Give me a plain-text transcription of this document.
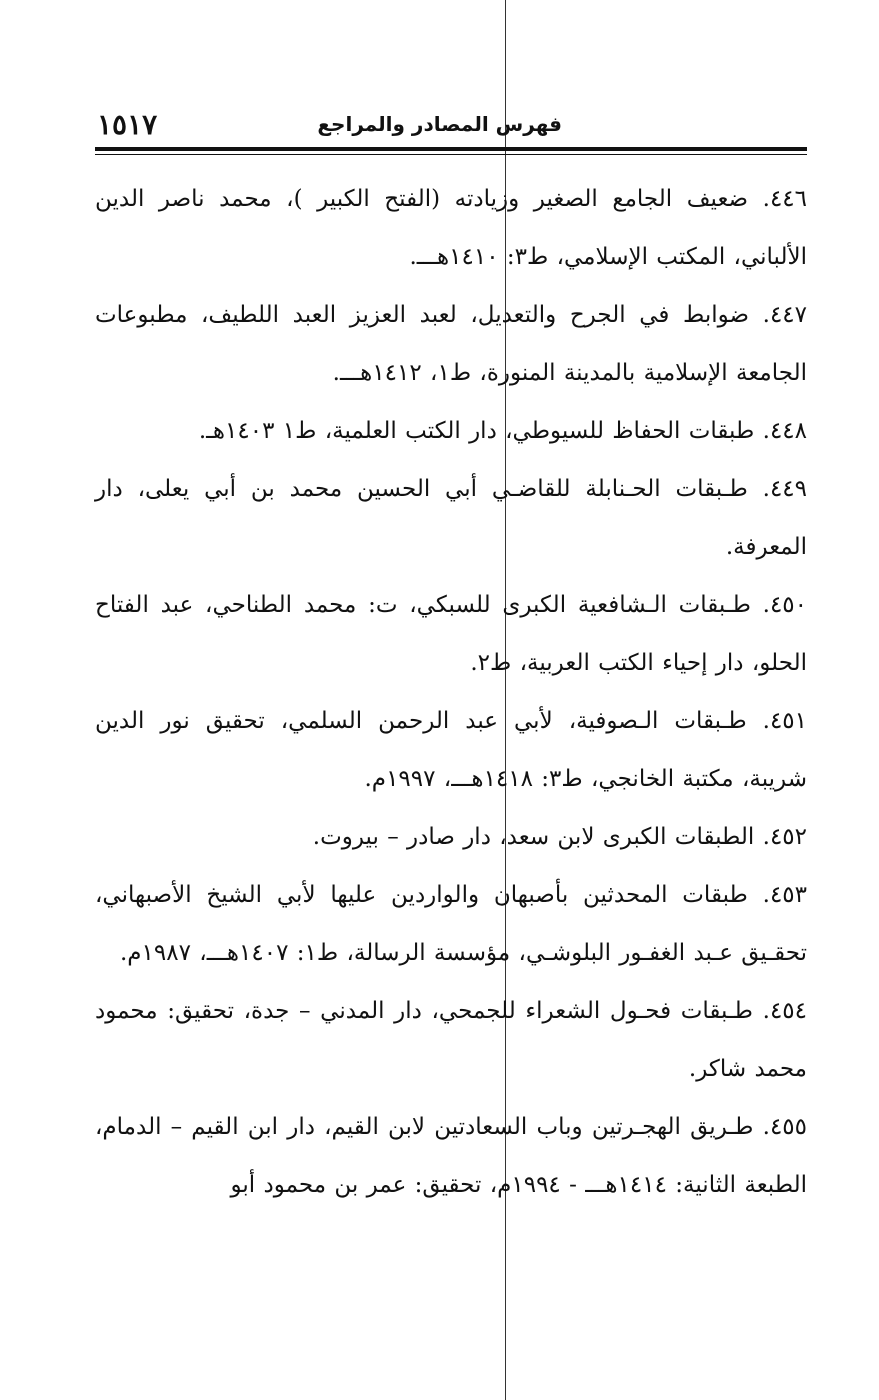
فهرس المصادر والمراجع
١٥١٧

٤٤٦. ضعيف الجامع الصغير وزيادته (الفتح الكبير )، محمد ناصر الدين الألباني، المكتب الإسلامي، ط٣: ١٤١٠هـــ.

٤٤٧. ضوابط في الجرح والتعديل، لعبد العزيز العبد اللطيف، مطبوعات الجامعة الإسلامية بالمدينة المنورة، ط١، ١٤١٢هـــ.

٤٤٨. طبقات الحفاظ للسيوطي، دار الكتب العلمية، ط١ ١٤٠٣هـ.

٤٤٩. طـبقات الحـنابلة للقاضـي أبي الحسين محمد بن أبي يعلى، دار المعرفة.

٤٥٠. طـبقات الـشافعية الكبرى للسبكي، ت: محمد الطناحي، عبد الفتاح الحلو، دار إحياء الكتب العربية، ط٢.

٤٥١. طـبقات الـصوفية، لأبي عبد الرحمن السلمي، تحقيق نور الدين شريبة، مكتبة الخانجي، ط٣: ١٤١٨هـــ، ١٩٩٧م.

٤٥٢. الطبقات الكبرى لابن سعد، دار صادر – بيروت.

٤٥٣. طبقات المحدثين بأصبهان والواردين عليها لأبي الشيخ الأصبهاني، تحقـيق عـبد الغفـور البلوشـي، مؤسسة الرسالة، ط١: ١٤٠٧هـــ، ١٩٨٧م.

٤٥٤. طـبقات فحـول الشعراء للجمحي، دار المدني – جدة، تحقيق: محمود محمد شاكر.

٤٥٥. طـريق الهجـرتين وباب السعادتين لابن القيم، دار ابن القيم – الدمام، الطبعة الثانية: ١٤١٤هـــ - ١٩٩٤م، تحقيق: عمر بن محمود أبو
